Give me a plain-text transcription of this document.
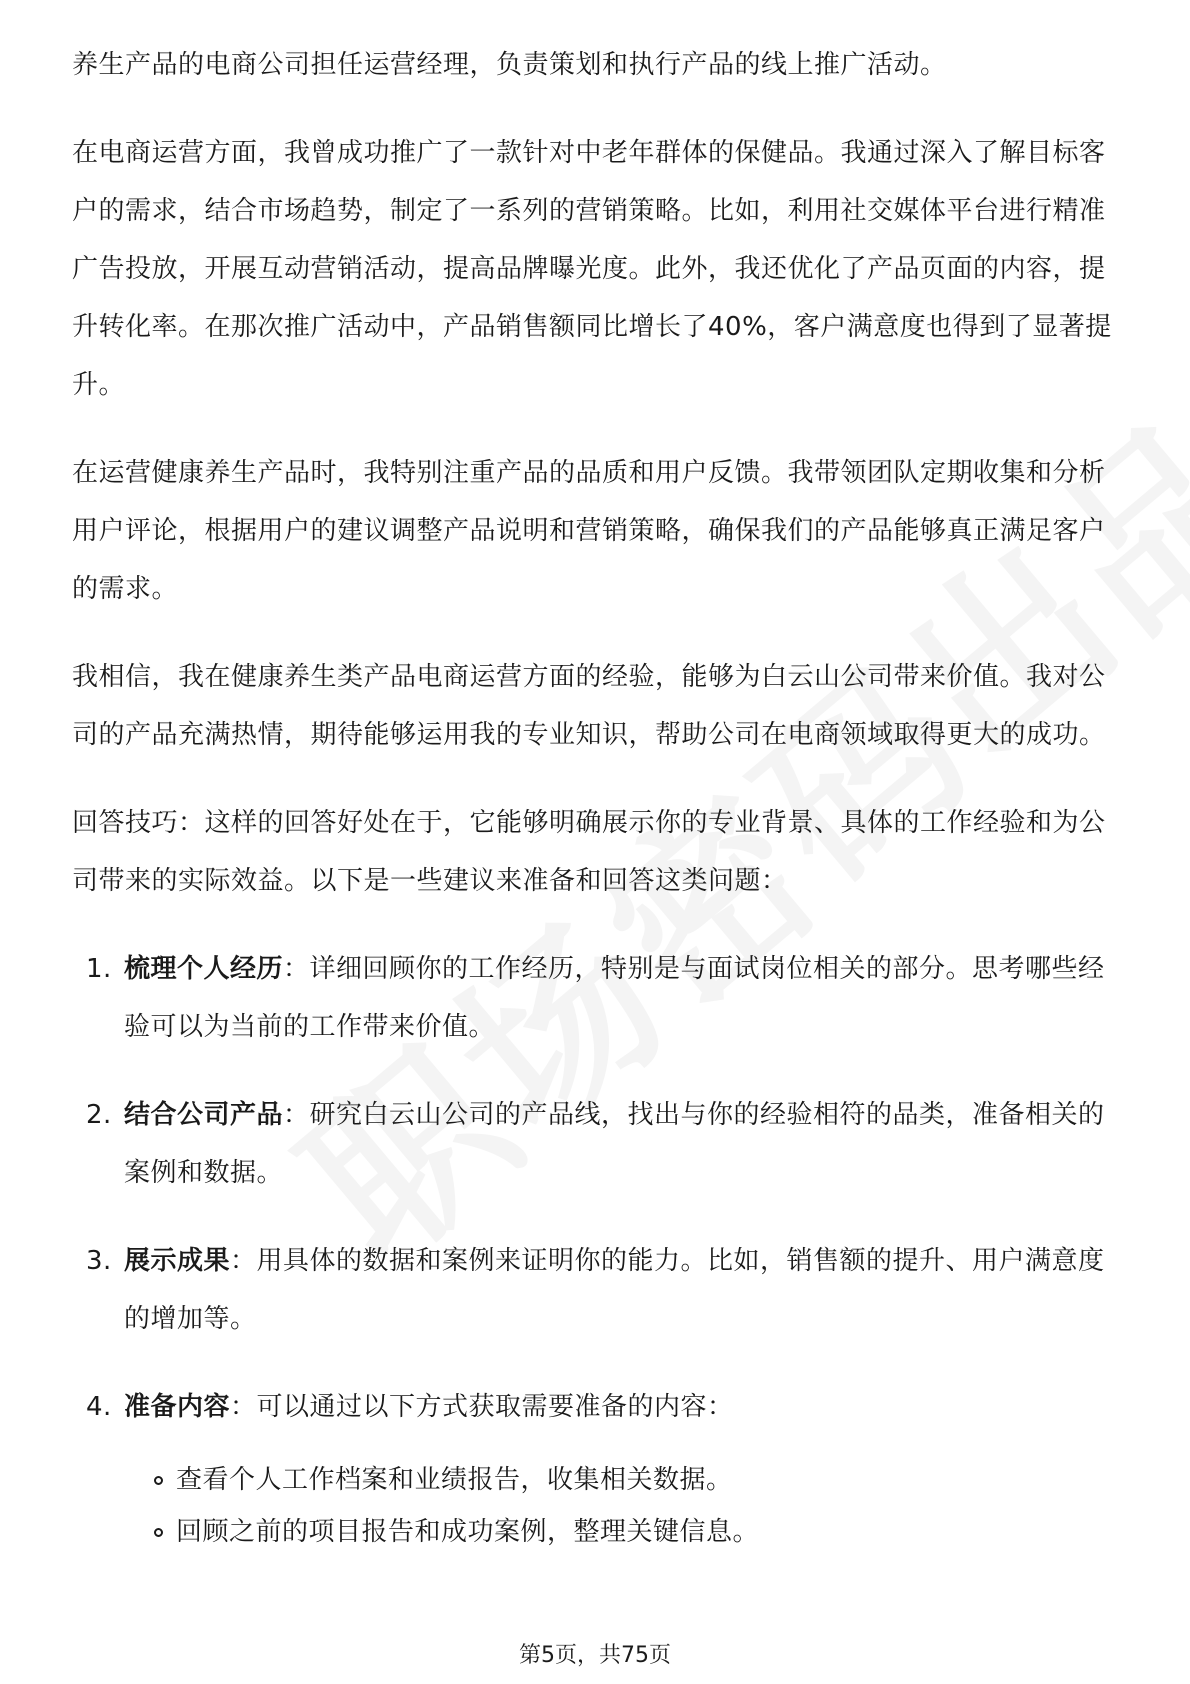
养生产品的电商公司担任运营经理，负责策划和执行产品的线上推广活动。

在电商运营方面，我曾成功推广了一款针对中老年群体的保健品。我通过深入了解目标客户的需求，结合市场趋势，制定了一系列的营销策略。比如，利用社交媒体平台进行精准广告投放，开展互动营销活动，提高品牌曝光度。此外，我还优化了产品页面的内容，提升转化率。在那次推广活动中，产品销售额同比增长了40%，客户满意度也得到了显著提升。

在运营健康养生产品时，我特别注重产品的品质和用户反馈。我带领团队定期收集和分析用户评论，根据用户的建议调整产品说明和营销策略，确保我们的产品能够真正满足客户的需求。

我相信，我在健康养生类产品电商运营方面的经验，能够为白云山公司带来价值。我对公司的产品充满热情，期待能够运用我的专业知识，帮助公司在电商领域取得更大的成功。

回答技巧：这样的回答好处在于，它能够明确展示你的专业背景、具体的工作经验和为公司带来的实际效益。以下是一些建议来准备和回答这类问题：

1. 梳理个人经历：详细回顾你的工作经历，特别是与面试岗位相关的部分。思考哪些经验可以为当前的工作带来价值。
2. 结合公司产品：研究白云山公司的产品线，找出与你的经验相符的品类，准备相关的案例和数据。
3. 展示成果：用具体的数据和案例来证明你的能力。比如，销售额的提升、用户满意度的增加等。
4. 准备内容：可以通过以下方式获取需要准备的内容：
查看个人工作档案和业绩报告，收集相关数据。
回顾之前的项目报告和成功案例，整理关键信息。
第5页，共75页
